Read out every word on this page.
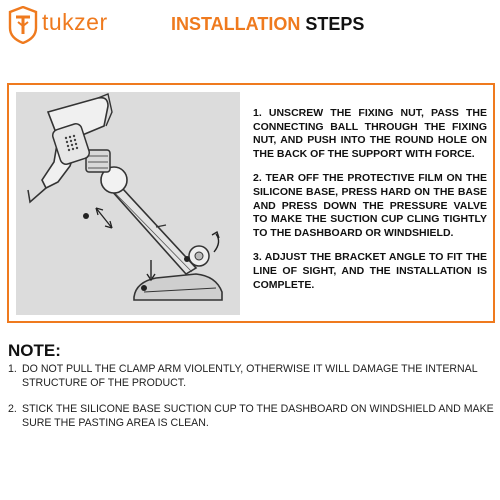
tukzer	INSTALLATION STEPS

1. UNSCREW THE FIXING NUT, PASS THE CONNECTING BALL THROUGH THE FIXING NUT, AND PUSH INTO THE ROUND HOLE ON THE BACK OF THE SUPPORT WITH FORCE.

2. TEAR OFF THE PROTECTIVE FILM ON THE SILICONE BASE, PRESS HARD ON THE BASE AND PRESS DOWN THE PRESSURE VALVE TO MAKE THE SUCTION CUP CLING TIGHTLY TO THE DASHBOARD OR WINDSHIELD.

3. ADJUST THE BRACKET ANGLE TO FIT THE LINE OF SIGHT, AND THE INSTALLATION IS COMPLETE.

NOTE:
1. DO NOT PULL THE CLAMP ARM VIOLENTLY, OTHERWISE IT WILL DAMAGE THE INTERNAL STRUCTURE OF THE PRODUCT.
2. STICK THE SILICONE BASE SUCTION CUP TO THE DASHBOARD ON WINDSHIELD AND MAKE SURE THE PASTING AREA IS CLEAN.
